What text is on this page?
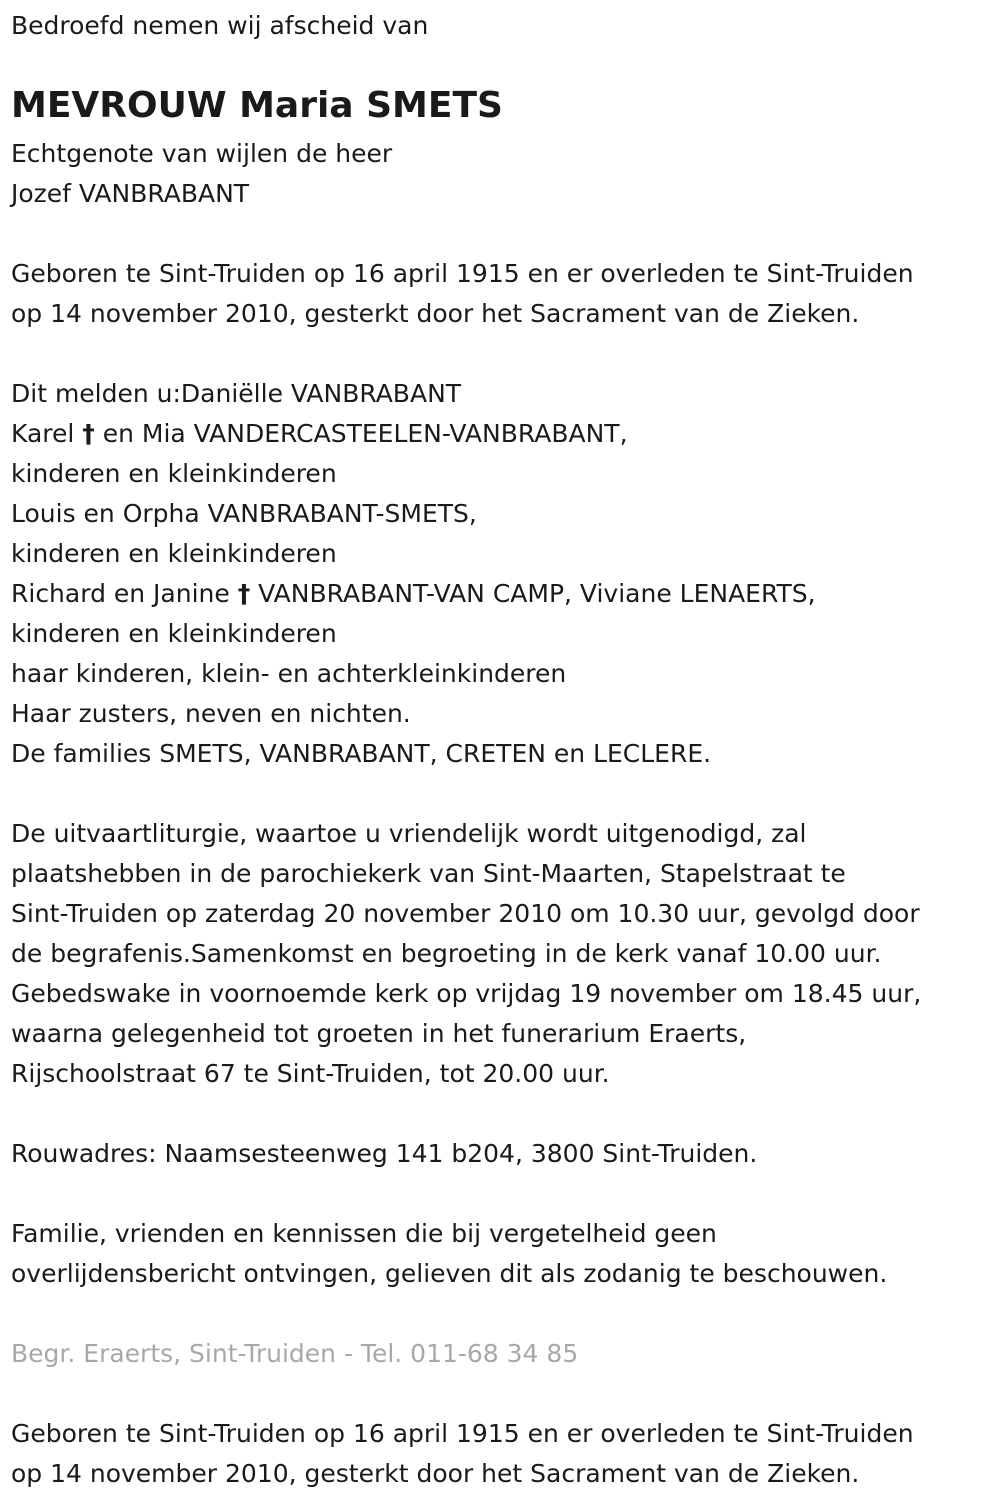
Bedroefd nemen wij afscheid van

MEVROUW Maria SMETS

Echtgenote van wijlen de heer

Jozef VANBRABANT

Geboren te Sint-Truiden op 16 april 1915 en er overleden te Sint-Truiden

op 14 november 2010, gesterkt door het Sacrament van de Zieken.

Dit melden u:Daniëlle VANBRABANT

Karel † en Mia VANDERCASTEELEN-VANBRABANT,

kinderen en kleinkinderen

Louis en Orpha VANBRABANT-SMETS,

kinderen en kleinkinderen

Richard en Janine † VANBRABANT-VAN CAMP, Viviane LENAERTS,

kinderen en kleinkinderen

haar kinderen, klein- en achterkleinkinderen

Haar zusters, neven en nichten.

De families SMETS, VANBRABANT, CRETEN en LECLERE.

De uitvaartliturgie, waartoe u vriendelijk wordt uitgenodigd, zal

plaatshebben in de parochiekerk van Sint-Maarten, Stapelstraat te

Sint-Truiden op zaterdag 20 november 2010 om 10.30 uur, gevolgd door

de begrafenis.Samenkomst en begroeting in de kerk vanaf 10.00 uur.

Gebedswake in voornoemde kerk op vrijdag 19 november om 18.45 uur,

waarna gelegenheid tot groeten in het funerarium Eraerts,

Rijschoolstraat 67 te Sint-Truiden, tot 20.00 uur.

Rouwadres: Naamsesteenweg 141 b204, 3800 Sint-Truiden.

Familie, vrienden en kennissen die bij vergetelheid geen

overlijdensbericht ontvingen, gelieven dit als zodanig te beschouwen.

Begr. Eraerts, Sint-Truiden - Tel. 011-68 34 85

Geboren te Sint-Truiden op 16 april 1915 en er overleden te Sint-Truiden

op 14 november 2010, gesterkt door het Sacrament van de Zieken.
